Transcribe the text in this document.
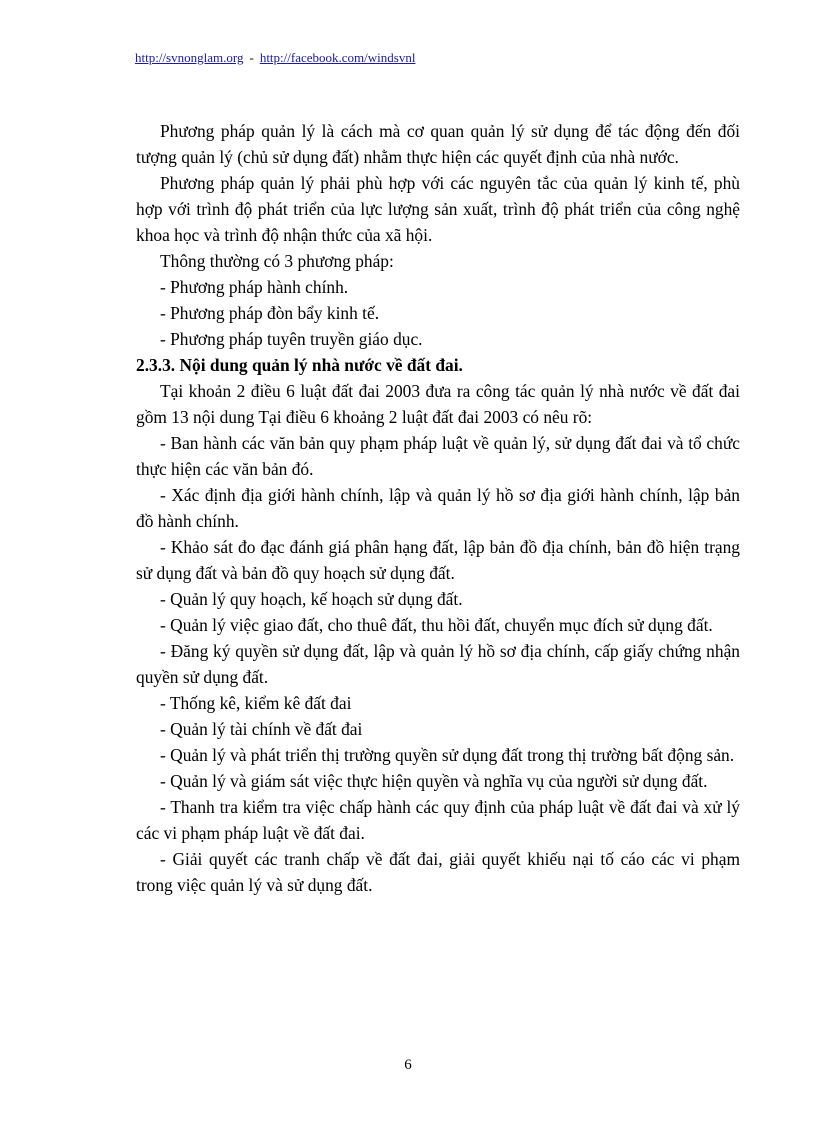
http://svnonglam.org - http://facebook.com/windsvnl

Phương pháp quản lý là cách mà cơ quan quản lý sử dụng để tác động đến đối tượng quản lý (chủ sử dụng đất) nhằm thực hiện các quyết định của nhà nước.

Phương pháp quản lý phải phù hợp với các nguyên tắc của quản lý kinh tế, phù hợp với trình độ phát triển của lực lượng sản xuất, trình độ phát triển của công nghệ khoa học và trình độ nhận thức của xã hội.

Thông thường có 3 phương pháp:

- Phương pháp hành chính.

- Phương pháp đòn bẩy kinh tế.

- Phương pháp tuyên truyền giáo dục.

2.3.3. Nội dung quản lý nhà nước về đất đai.

Tại khoản 2 điều 6 luật đất đai 2003 đưa ra công tác quản lý nhà nước về đất đai gồm 13 nội dung Tại điều 6 khoảng 2 luật đất đai 2003 có nêu rõ:

- Ban hành các văn bản quy phạm pháp luật về quản lý, sử dụng đất đai và tổ chức thực hiện các văn bản đó.

- Xác định địa giới hành chính, lập và quản lý hồ sơ địa giới hành chính, lập bản đồ hành chính.

- Khảo sát đo đạc đánh giá phân hạng đất, lập bản đồ địa chính, bản đồ hiện trạng sử dụng đất và bản đồ quy hoạch sử dụng đất.

- Quản lý quy hoạch, kế hoạch sử dụng đất.

- Quản lý việc giao đất, cho thuê đất, thu hồi đất, chuyển mục đích sử dụng đất.

- Đăng ký quyền sử dụng đất, lập và quản lý hồ sơ địa chính, cấp giấy chứng nhận quyền sử dụng đất.

- Thống kê, kiểm kê đất đai

- Quản lý tài chính về đất đai

- Quản lý và phát triển thị trường quyền sử dụng đất trong thị trường bất động sản.

- Quản lý và giám sát việc thực hiện quyền và nghĩa vụ của người sử dụng đất.

- Thanh tra kiểm tra việc chấp hành các quy định của pháp luật về đất đai và xử lý các vi phạm pháp luật về đất đai.

- Giải quyết các tranh chấp về đất đai, giải quyết khiếu nại tố cáo các vi phạm trong việc quản lý và sử dụng đất.

6
